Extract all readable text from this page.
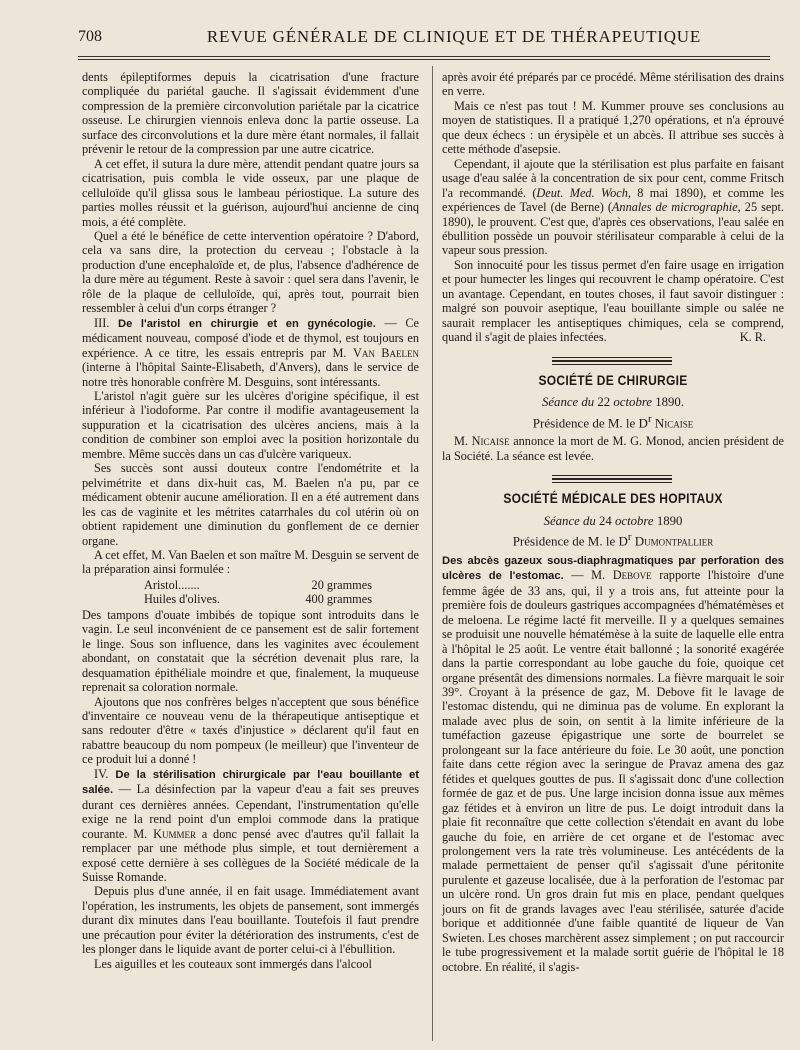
708	REVUE GÉNÉRALE DE CLINIQUE ET DE THÉRAPEUTIQUE

dents épileptiformes depuis la cicatrisation d'une fracture compliquée du pariétal gauche. Il s'agissait évidemment d'une compression de la première circonvolution pariétale par la cicatrice osseuse. Le chirurgien viennois enleva donc la partie osseuse. La surface des circonvolutions et la dure mère étant normales, il fallait prévenir le retour de la compression par une autre cicatrice.

A cet effet, il sutura la dure mère, attendit pendant quatre jours sa cicatrisation, puis combla le vide osseux, par une plaque de celluloïde qu'il glissa sous le lambeau périostique. La suture des parties molles réussit et la guérison, aujourd'hui ancienne de cinq mois, a été complète.

Quel a été le bénéfice de cette intervention opératoire ? D'abord, cela va sans dire, la protection du cerveau ; l'obstacle à la production d'une encephaloïde et, de plus, l'absence d'adhérence de la dure mère au tégument. Reste à savoir : quel sera dans l'avenir, le rôle de la plaque de celluloïde, qui, après tout, pourrait bien ressembler à celui d'un corps étranger ?

III. De l'aristol en chirurgie et en gynécologie. — Ce médicament nouveau, composé d'iode et de thymol, est toujours en expérience. A ce titre, les essais entrepris par M. Van Baelen (interne à l'hôpital Sainte-Elisabeth, d'Anvers), dans le service de notre très honorable confrère M. Desguins, sont intéressants.

L'aristol n'agit guère sur les ulcères d'origine spécifique, il est inférieur à l'iodoforme. Par contre il modifie avantageusement la suppuration et la cicatrisation des ulcères anciens, mais à la condition de combiner son emploi avec la position horizontale du membre. Même succès dans un cas d'ulcère variqueux.

Ses succès sont aussi douteux contre l'endométrite et la pelvimétrite et dans dix-huit cas, M. Baelen n'a pu, par ce médicament obtenir aucune amélioration. Il en a été autrement dans les cas de vaginite et les métrites catarrhales du col utérin où on obtient rapidement une diminution du gonflement de ce dernier organe.

A cet effet, M. Van Baelen et son maître M. Desguin se servent de la préparation ainsi formulée :

Aristol.......	20 grammes
Huiles d'olives.	400 grammes

Des tampons d'ouate imbibés de topique sont introduits dans le vagin. Le seul inconvénient de ce pansement est de salir fortement le linge. Sous son influence, dans les vaginites avec écoulement abondant, on constatait que la sécrétion devenait plus rare, la desquamation épithéliale moindre et que, finalement, la muqueuse reprenait sa coloration normale.

Ajoutons que nos confrères belges n'acceptent que sous bénéfice d'inventaire ce nouveau venu de la thérapeutique antiseptique et sans redouter d'être « taxés d'injustice » déclarent qu'il faut en rabattre beaucoup du nom pompeux (le meilleur) que l'inventeur de ce produit lui a donné !

IV. De la stérilisation chirurgicale par l'eau bouillante et salée. — La désinfection par la vapeur d'eau a fait ses preuves durant ces dernières années. Cependant, l'instrumentation qu'elle exige ne la rend point d'un emploi commode dans la pratique courante. M. Kummer a donc pensé avec d'autres qu'il fallait la remplacer par une méthode plus simple, et tout dernièrement a exposé cette dernière à ses collègues de la Société médicale de la Suisse Romande.

Depuis plus d'une année, il en fait usage. Immédiatement avant l'opération, les instruments, les objets de pansement, sont immergés durant dix minutes dans l'eau bouillante. Toutefois il faut prendre une précaution pour éviter la détérioration des instruments, c'est de les plonger dans le liquide avant de porter celui-ci à l'ébullition.

Les aiguilles et les couteaux sont immergés dans l'alcool

après avoir été préparés par ce procédé. Même stérilisation des drains en verre.

Mais ce n'est pas tout ! M. Kummer prouve ses conclusions au moyen de statistiques. Il a pratiqué 1,270 opérations, et n'a éprouvé que deux échecs : un érysipèle et un abcès. Il attribue ses succès à cette méthode d'asepsie.

Cependant, il ajoute que la stérilisation est plus parfaite en faisant usage d'eau salée à la concentration de six pour cent, comme Fritsch l'a recommandé. (Deut. Med. Woch, 8 mai 1890), et comme les expériences de Tavel (de Berne) (Annales de micrographie, 25 sept. 1890), le prouvent. C'est que, d'après ces observations, l'eau salée en ébullition possède un pouvoir stérilisateur comparable à celui de la vapeur sous pression.

Son innocuité pour les tissus permet d'en faire usage en irrigation et pour humecter les linges qui recouvrent le champ opératoire. C'est un avantage. Cependant, en toutes choses, il faut savoir distinguer : malgré son pouvoir aseptique, l'eau bouillante simple ou salée ne saurait remplacer les antiseptiques chimiques, cela se comprend, quand il s'agit de plaies infectées.	K. R.
SOCIÉTÉ DE CHIRURGIE
Séance du 22 octobre 1890.
Présidence de M. le $D^r$ Nicaise

M. Nicaise annonce la mort de M. G. Monod, ancien président de la Société. La séance est levée.

SOCIÉTÉ MÉDICALE DES HOPITAUX
Séance du 24 octobre 1890
Présidence de M. le $D^r$ Dumontpallier

Des abcès gazeux sous-diaphragmatiques par perforation des ulcères de l'estomac. — M. Debove rapporte l'histoire d'une femme âgée de 33 ans, qui, il y a trois ans, fut atteinte pour la première fois de douleurs gastriques accompagnées d'hématémèses et de meloena. Le régime lacté fit merveille. Il y a quelques semaines se produisit une nouvelle hématémèse à la suite de laquelle elle entra à l'hôpital le 25 août. Le ventre était ballonné ; la sonorité exagérée dans la partie correspondant au lobe gauche du foie, quoique cet organe présentât des dimensions normales. La fièvre marquait le soir 39°. Croyant à la présence de gaz, M. Debove fit le lavage de l'estomac distendu, qui ne diminua pas de volume. En explorant la malade avec plus de soin, on sentit à la limite inférieure de la tuméfaction gazeuse épigastrique une sorte de bourrelet se prolongeant sur la face antérieure du foie. Le 30 août, une ponction faite dans cette région avec la seringue de Pravaz amena des gaz fétides et quelques gouttes de pus. Il s'agissait donc d'une collection formée de gaz et de pus. Une large incision donna issue aux mêmes gaz fétides et à environ un litre de pus. Le doigt introduit dans la plaie fit reconnaître que cette collection s'étendait en avant du lobe gauche du foie, en arrière de cet organe et de l'estomac avec prolongement vers la rate très volumineuse. Les antécédents de la malade permettaient de penser qu'il s'agissait d'une péritonite purulente et gazeuse localisée, due à la perforation de l'estomac par un ulcère rond. Un gros drain fut mis en place, pendant quelques jours on fit de grands lavages avec l'eau stérilisée, saturée d'acide borique et additionnée d'une faible quantité de liqueur de Van Swieten. Les choses marchèrent assez simplement ; on put raccourcir le tube progressivement et la malade sortit guérie de l'hôpital le 18 octobre. En réalité, il s'agis-
